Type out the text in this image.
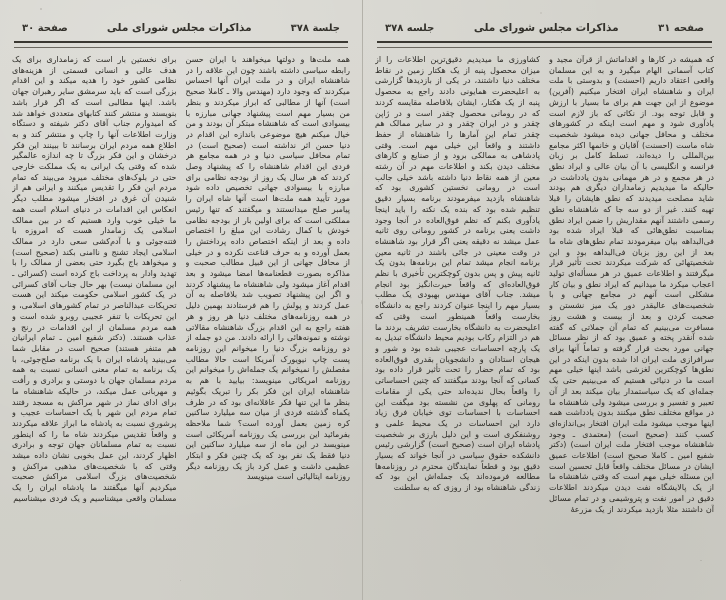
صفحه ۳۱
مذاکرات مجلس شورای ملی
جلسه ۳۷۸
که همیشه در کارها و اقداماتش از قرآن مجید و کتاب آسمانی الهام میگیرد و به این مسلمان واقعی اعتقاد داریم (احسنت) و بدوستی با ملت ایران و شاهنشاه ایران افتخار میکنیم (آفرین) موضوع از این جهت هم برای ما بسیار با ارزش و قابل توجه بود. از نکاتی که باز لازم است یادآوری شود و مهم است اینکه در کشورهای مختلف و محافل جهانی دیده میشود شخصیت شاه ماست (احسنت) آقایان و خانمها اکثر مجامع بین‌المللی را دیده‌اند، تسلط کامل بر زبان فرانسه و انگلیسی با آن بیان عالی و ایراد نطق در هر مجمع و در هر مهمانی بدون یادداشت در حالیکه ما میدیدیم زمامداران دیگری هم بودند شاید مصلحت میدیدند که نطق هایشان را قبلا تهیه کنند. غیر از دو سه جا که شاهنشاه نطق رسمی داشتند آنهم مقداریش را ضمن ایراد نطق بمناسبت نطق‌هائی که قبلا ایراد شده بود فی‌البداهه بیان میفرمودند تمام نطق‌های شاه ما بعد از این روز بزبان فی‌البداهه بود و این شخصیتهائی که شرکت میکردند تحت تأثیر قرار میگرفتند و اطلاعات عمیق در هر مسأله‌ای تولید اعجاب میکرد ما میدانیم که ایراد نطق و بیان کار مشکلی است آنهم در مجامع جهانی و با شخصیت‌های عالیقدر دور یک میز نشستن و صحبت کردن و بعد از بیست و هشت روز مسافرت می‌بینیم که تمام آن جملاتی که گفته شده آنقدر پخته و عمیق بود که از نظر مسائل جهانی مورد بحث قرار گرفته و تماماً آنها برای سرافرازی ملت ایران ادا شده بدون اینکه در این نطق‌ها کوچکترین لغزشی باشد اینها خیلی مهم است ما در دنیائی هستیم که می‌بینیم حتی یک جمله‌ای که یک سیاستمدار بیان میکند بعد از آن تعبیر و تفسیر و بررسی میشود ولی شاهنشاه ما در مواقع مختلف نطق میکنند بدون یادداشت همه اینها موجب میشود ملت ایران افتخار بی‌اندازه‌ای کسب کنند (صحیح است) (معتمدی ـ وجود شاهنشاه موجب افتخار ملت ایران است) (دکتر شفیع امین ـ کاملا صحیح است) اطلاعات عمیق ایشان در مسائل مختلف واقعاً قابل تحسین است این مسئله خیلی مهم است که وقتی شاهنشاه ما از یک پالایشگاه نفت دیدن میکردند اطلاعات دقیق در امور نفت و پتروشیمی و در تمام مسائل آن داشتند مثلا بازدید میکردند از یک مزرعهٔ
کشاورزی ما میدیدیم دقیق‌ترین اطلاعات را از میزان محصول پنبه از یک هکتار زمین در نقاط مختلف دنیا داشتند، در یکی از بازدیدها گزارشی به اعلیحضرت همایونی دادند راجع به محصول پنبه از یک هکتار، ایشان بلافاصله مقایسه کردند که در رومانی محصول چقدر است و در ژاپن چقدر و در ایران چقدر و در سایر ممالک هم چقدر تمام این آمارها را شاهنشاه از حفظ داشتند و واقعاً این خیلی مهم است. وقتی پادشاهی به ممالکی برود و از صنایع و کارهای مختلف دیدن بکند و اطلاعات مهم در آن رشته معین از همه نقاط دنیا داشته باشد خیلی جالب است در رومانی نخستین کشوری بود که شاهنشاه بازدید میفرمودند برنامه بسیار دقیق تنظیم شده بود که بنده یک نکته را باید اینجا یادآوری بکنم که نظم فوق‌العاده در آنجا وجود داشت یعنی برنامه در کشور رومانی روی ثانیه عمل میشد نه دقیقه یعنی اگر قرار بود شاهنشاه در وقت معینی در جائی باشند در ثانیه معین برنامه انجام میشد تمام این برنامه‌ها بدون یک ثانیه پیش و پس بدون کوچکترین تأخیری با نظم فوق‌العاده‌ای که واقعاً حیرت‌انگیز بود انجام میشد. جناب آقای مهندس بهبودی یک مطلب بسیار مهم را اینجا عنوان کردند راجع به دانشگاه بخارست واقعاً همینطور است وقتی که اعلیحضرت به دانشگاه بخارست تشریف بردند ما هم در التزام رکاب بودیم محیط دانشگاه تبدیل به یک پارچه احساسات عجیبی شده بود و شور و هیجان استادان و دانشجویان بقدری فوق‌العاده بود که تمام حضار را تحت تأثیر قرار داده بود کسانی که آنجا بودند میگفتند که چنین احساساتی را واقعاً بحال ندیده‌اند حتی یکی از مقامات رومانی که پهلوی من نشسته بود میگفت این احساسات با احساسات توی خیابان فرق زیاد دارد این احساسات در یک محیط علمی و روشنفکری است و این دلیل بارزی بر شخصیت پادشاه ایران است (صحیح است) گزارشی رئیس دانشکده حقوق سیاسی در آنجا خواند که بسیار دقیق بود و قطعاً نمایندگان محترم در روزنامه‌ها مطالعه فرموده‌اند یک جمله‌اش این بود که زندگی شاهنشاه بود از روزی که به سلطنت
جلسة ۳۷۸
مذاکرات مجلس شورای ملی
صفحة ۳۰
همه ملت‌ها و دولتها میخواهند با ایران حسن رابطه سیاسی داشته باشند چون این علاقه را در شاهنشاه ایران و در ملت ایران آنها احساس میکردند که وجود دارد (مهندس والا ـ کاملا صحیح است) آنها از مطالبی که ابراز میکردند و بنظر من بسیار مهم است پیشنهاد جهانی مبارزه با بیسوادی است که شاهنشاه مبتکر آن بودند و من خیال میکنم هیچ موضوعی باندازه این اقدام در دنیا حسن اثر نداشته است (صحیح است) در تمام محافل سیاسی دنیا و در همه مجامع هر فردی این اقدام شاهنشاه را که پیشنهاد وصل کردند که هر سال یک روز از بودجه نظامی برای مبارزه با بیسوادی جهانی تخصیص داده شود مورد تأیید همه ملت‌ها است آنها شاه ایران را پیامبر صلح میدانستند و میگفتند که تنها رئیس مملکتی است که برای اولین بار از بودجه نظامی خودش با کمال رشادت این مبلغ را اختصاص داده و بعد از اینکه اختصاص داده پرداختش را بعمل آورده و به حرف قناعت نکرده و در خیلی از محافل جهانی از این قبیل مطالب صحبت و مذاکره بصورت قطعنامه‌ها امضا میشود و بعد اقدام آغاز میشود ولی شاهنشاه ما پیشنهاد کردند و اگر این پیشنهاد تصویب شد بلافاصله به آن عمل کردند و پولش را هم فرستادند بهمین دلیل در همه روزنامه‌های مختلف دنیا هر روز و هر هفته راجع به این اقدام بزرگ شاهنشاه مقالاتی نوشته و نمونه‌هائی را ارائه دادند. من دو جمله از دو روزنامه بزرگ دنیا را میخوانم این روزنامه پست چاپ نیویورک آمریکا است حالا مطالب مفصلش را نمیخوانم یک جمله‌اش را میخوانم این روزنامه امریکائی مینویسد: بیایید با هم به شاهنشاه ایران این فکر بکر را تبریک بگوئیم بنظر ما این تنها فکر عاقلانه‌ای بود که در ظرف یکماه گذشته فردی از میان سه میلیارد ساکنین کره زمین بعمل آورده است؟ شما ملاحظه بفرمائید این بررسی یک روزنامه آمریکائی است مینویسد در این ماه از سه میلیارد ساکنین این دنیا فقط یک نفر بود که یک چنین فکر و ابتکار عظیمی داشت و عمل کرد باز یک روزنامه دیگر روزنامه ایتالیائی است مینویسد
برای نخستین بار است که زمامداری برای یک هدف عالی و انسانی قسمتی از هزینه‌های نظامی کشور خود را هدیه میکند و این اقدام بزرگی است که باید سرمشق سایر رهبران جهان باشد. اینها مطالبی است که اگر قرار باشد بنویسند و منتشر کنند کتابهای متعددی خواهد شد که امیدوارم جناب آقای دکتر شیفته و دستگاه وزارت اطلاعات آنها را چاپ و منتشر کند و به اطلاع همه مردم ایران برسانند تا ببینند این فکر درخشان و این فکر بزرگ تا چه اندازه عالمگیر شده که وقتی یک ایرانی به یک مملکت خارجی حتی در بلوک‌های مختلف میرود می‌بیند که تمام مردم این فکر را تقدیس میکنند و ایرانی هم از شنیدن آن غرق در افتخار میشود مطلب دیگر انعکاس این اقدامات در دنیای اسلام است همه ما خیلی خوب وارد هستیم که در بین ممالک اسلامی یک زمامدار هست که امروزه با فتنه‌جوئی و با آدم‌کشی سعی دارد در ممالک اسلامی ایجاد تشنج و ناامنی بکند (صحیح است) و میخواهد باج بگیرد حتی بعضی از ممالک را با تهدید وادار به پرداخت باج کرده است (کسرائی ـ این مسلمان نیست) بهر حال جناب آقای کسرائی در یک کشور اسلامی حکومت میکند این هست تحریکات عبدالناصر در تمام کشورهای اسلامی، و این تحریکات با تنفر عجیبی روبرو شده است و همه مردم مسلمان از این اقدامات در رنج و عذاب هستند. (دکتر شفیع امین ـ تمام ایرانیان هم متنفر هستند) صحیح است در مقابل شما می‌بینید پادشاه ایران با یک برنامه صلح‌جوئی، با یک برنامه به تمام معنی انسانی نسبت به همه مردم مسلمان جهان با دوستی و برادری و رأفت و مهربانی عمل میکند، در حالیکه شاهنشاه ما برای ادای نماز در شهر مراکش به مسجد رفتند تمام مردم این شهر با یک احساسات عجیب و پرشوری نسبت به پادشاه ما ابراز علاقه میکردند و واقعاً تقدیس میکردند شاه ما را که اینطور نسبت به تمام مسلمانان جهان توجه و برادری اظهار کردند، این عمل بخوبی نشان داده میشد وقتی که با شخصیت‌های مذهبی مراکش و شخصیت‌های بزرگ اسلامی مراکش صحبت میکردیم آنها میگفتند ما پادشاه ایران را یک مسلمان واقعی میشناسیم و یک فردی میشناسیم
